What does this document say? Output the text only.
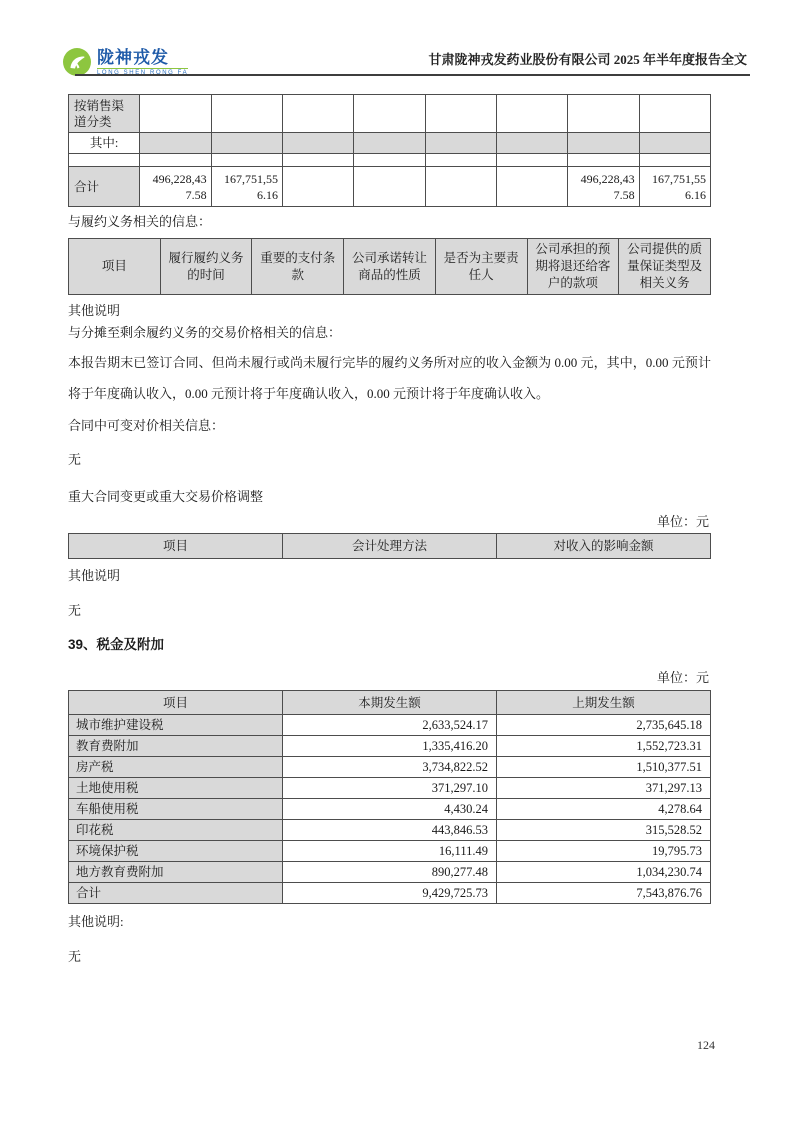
陇神戎发	甘肃陇神戎发药业股份有限公司 2025 年半年度报告全文
按销售渠道分类								
其中:								

合计	496,228,437.58	167,751,556.16					496,228,437.58	167,751,556.16

与履约义务相关的信息：

项目	履行履约义务的时间	重要的支付条款	公司承诺转让商品的性质	是否为主要责任人	公司承担的预期将退还给客户的款项	公司提供的质量保证类型及相关义务

其他说明

与分摊至剩余履约义务的交易价格相关的信息：

本报告期末已签订合同、但尚未履行或尚未履行完毕的履约义务所对应的收入金额为 0.00 元，其中，0.00 元预计将于年度确认收入，0.00 元预计将于年度确认收入，0.00 元预计将于年度确认收入。

合同中可变对价相关信息：

无

重大合同变更或重大交易价格调整

单位：元

项目	会计处理方法	对收入的影响金额

其他说明

无

39、税金及附加

单位：元

项目	本期发生额	上期发生额
城市维护建设税	2,633,524.17	2,735,645.18
教育费附加	1,335,416.20	1,552,723.31
房产税	3,734,822.52	1,510,377.51
土地使用税	371,297.10	371,297.13
车船使用税	4,430.24	4,278.64
印花税	443,846.53	315,528.52
环境保护税	16,111.49	19,795.73
地方教育费附加	890,277.48	1,034,230.74
合计	9,429,725.73	7,543,876.76

其他说明:

无

124
